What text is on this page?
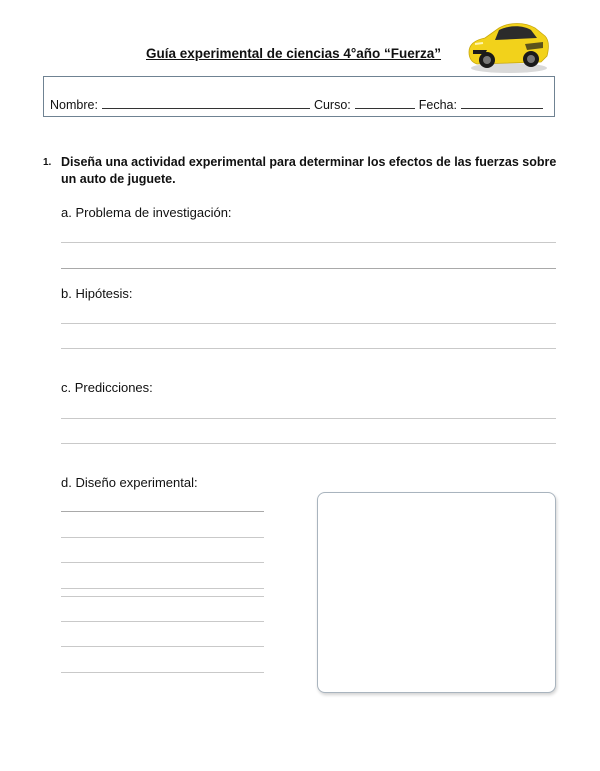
Guía experimental de ciencias 4°año “Fuerza”
Nombre:	Curso:	Fecha:
1. Diseña una actividad experimental para determinar los efectos de las fuerzas sobre un auto de juguete.
a. Problema de investigación:
b. Hipótesis:
c. Predicciones:
d. Diseño experimental:
